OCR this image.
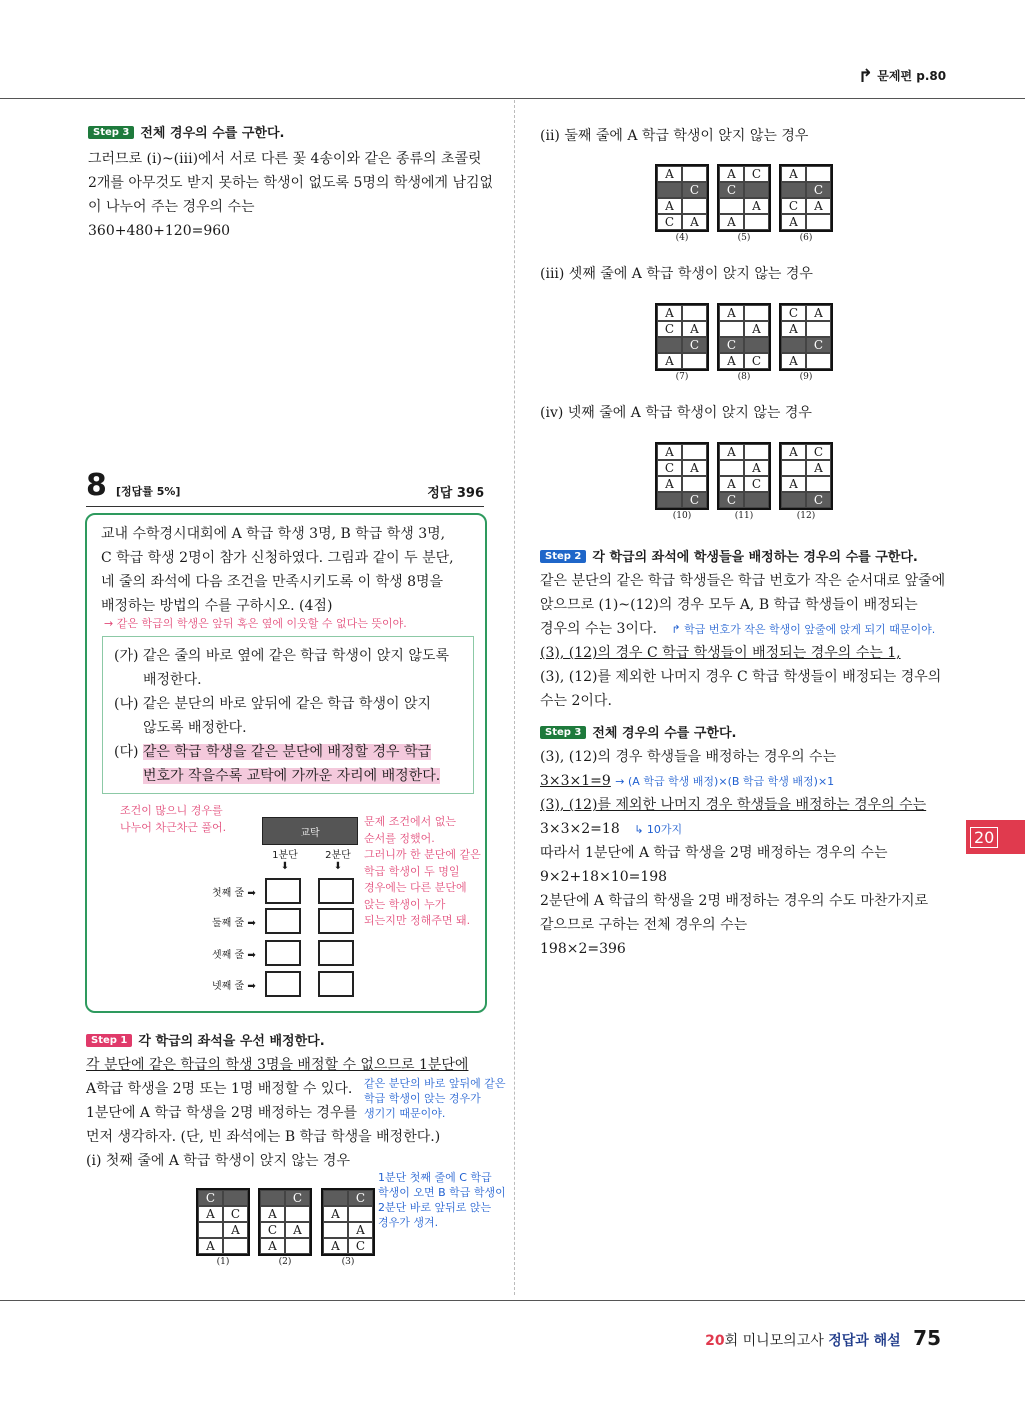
↱ 문제편 p.80
Step 3 전체 경우의 수를 구한다.
그러므로 (i)~(iii)에서 서로 다른 꽃 4송이와 같은 종류의 초콜릿
2개를 아무것도 받지 못하는 학생이 없도록 5명의 학생에게 남김없
이 나누어 주는 경우의 수는
360+480+120=960
8 [정답률 5%]	정답 396
교내 수학경시대회에 A 학급 학생 3명, B 학급 학생 3명,
C 학급 학생 2명이 참가 신청하였다. 그림과 같이 두 분단,
네 줄의 좌석에 다음 조건을 만족시키도록 이 학생 8명을
배정하는 방법의 수를 구하시오. (4점)
→ 같은 학급의 학생은 앞뒤 혹은 옆에 이웃할 수 없다는 뜻이야.
(가) 같은 줄의 바로 옆에 같은 학급 학생이 앉지 않도록
배정한다.
(나) 같은 분단의 바로 앞뒤에 같은 학급 학생이 앉지
않도록 배정한다.
(다) 같은 학급 학생을 같은 분단에 배정할 경우 학급
번호가 작을수록 교탁에 가까운 자리에 배정한다.
조건이 많으니 경우를
나누어 차근차근 풀어.	문제 조건에서 없는
순서를 정했어.
그러니까 한 분단에 같은
학급 학생이 두 명일
경우에는 다른 분단에
앉는 학생이 누가
되는지만 정해주면 돼.
교탁
1분단
⬇
2분단
⬇
첫째 줄 ➡
둘째 줄 ➡
셋째 줄 ➡
넷째 줄 ➡
Step 1 각 학급의 좌석을 우선 배정한다.
각 분단에 같은 학급의 학생 3명을 배정할 수 없으므로 1분단에
A학급 학생을 2명 또는 1명 배정할 수 있다.
1분단에 A 학급 학생을 2명 배정하는 경우를
먼저 생각하자. (단, 빈 좌석에는 B 학급 학생을 배정한다.)
(i) 첫째 줄에 A 학급 학생이 앉지 않는 경우
같은 분단의 바로 앞뒤에 같은
학급 학생이 앉는 경우가
생기기 때문이야.
1분단 첫째 줄에 C 학급
학생이 오면 B 학급 학생이
2분단 바로 앞뒤로 앉는
경우가 생겨.
(ii) 둘째 줄에 A 학급 학생이 앉지 않는 경우
(iii) 셋째 줄에 A 학급 학생이 앉지 않는 경우
(iv) 넷째 줄에 A 학급 학생이 앉지 않는 경우
Step 2 각 학급의 좌석에 학생들을 배정하는 경우의 수를 구한다.
같은 분단의 같은 학급 학생들은 학급 번호가 작은 순서대로 앞줄에
앉으므로 (1)~(12)의 경우 모두 A, B 학급 학생들이 배정되는
경우의 수는 3이다. ↱ 학급 번호가 작은 학생이 앞줄에 앉게 되기 때문이야.
(3), (12)의 경우 C 학급 학생들이 배정되는 경우의 수는 1,
(3), (12)를 제외한 나머지 경우 C 학급 학생들이 배정되는 경우의
수는 2이다.
Step 3 전체 경우의 수를 구한다.
(3), (12)의 경우 학생들을 배정하는 경우의 수는
3×3×1=9 → (A 학급 학생 배정)×(B 학급 학생 배정)×1
(3), (12)를 제외한 나머지 경우 학생들을 배정하는 경우의 수는
3×3×2=18 ↳ 10가지
따라서 1분단에 A 학급 학생을 2명 배정하는 경우의 수는
9×2+18×10=198
2분단에 A 학급의 학생을 2명 배정하는 경우의 수도 마찬가지로
같으므로 구하는 전체 경우의 수는
198×2=396
20
20회 미니모의고사 정답과 해설 75
C
A	C
A
A
(1)
C
A
C	A
A
(2)
C
A
A
A	C
(3)
A
C
A
C	A
(4)
A	C
C
A
A
(5)
A
C
C	A
A
(6)
A
C	A
C
A
(7)
A
A
C
A	C
(8)
C	A
A
C
A
(9)
A
C	A
A
C
(10)
A
A
A	C
C
(11)
A	C
A
A
C
(12)
